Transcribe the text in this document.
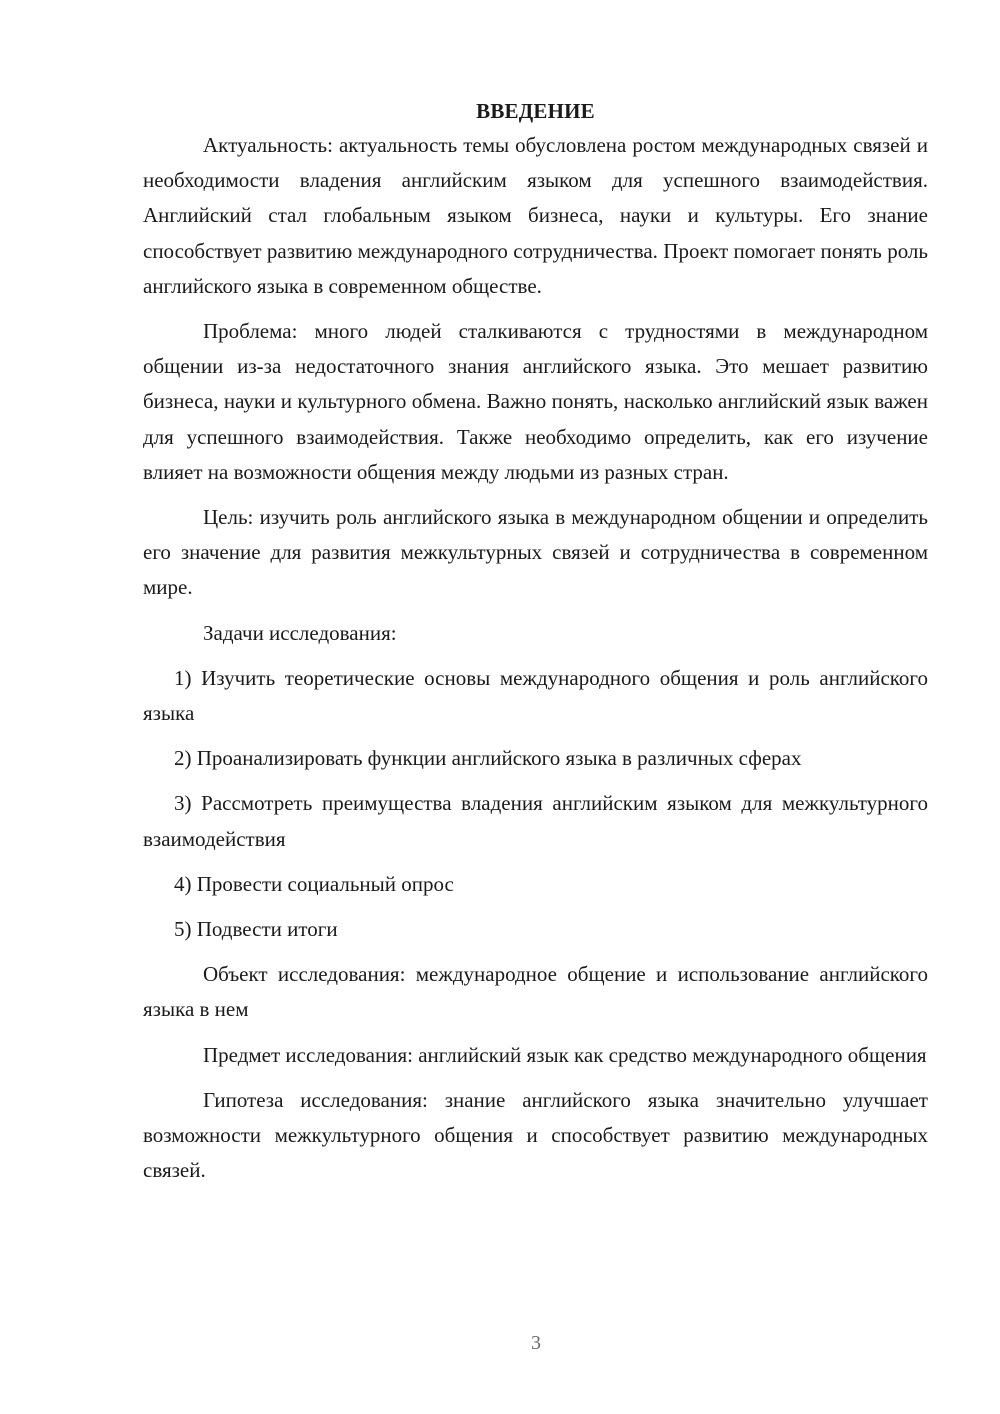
ВВЕДЕНИЕ

Актуальность: актуальность темы обусловлена ростом международных связей и необходимости владения английским языком для успешного взаимодействия. Английский стал глобальным языком бизнеса, науки и культуры. Его знание способствует развитию международного сотрудничества. Проект помогает понять роль английского языка в современном обществе.

Проблема: много людей сталкиваются с трудностями в международном общении из-за недостаточного знания английского языка. Это мешает развитию бизнеса, науки и культурного обмена. Важно понять, насколько английский язык важен для успешного взаимодействия. Также необходимо определить, как его изучение влияет на возможности общения между людьми из разных стран.

Цель: изучить роль английского языка в международном общении и определить его значение для развития межкультурных связей и сотрудничества в современном мире.

Задачи исследования:

1) Изучить теоретические основы международного общения и роль английского языка

2) Проанализировать функции английского языка в различных сферах

3) Рассмотреть преимущества владения английским языком для межкультурного взаимодействия

4) Провести социальный опрос

5) Подвести итоги

Объект исследования: международное общение и использование английского языка в нем

Предмет исследования: английский язык как средство международного общения

Гипотеза исследования: знание английского языка значительно улучшает возможности межкультурного общения и способствует развитию международных связей.

3
